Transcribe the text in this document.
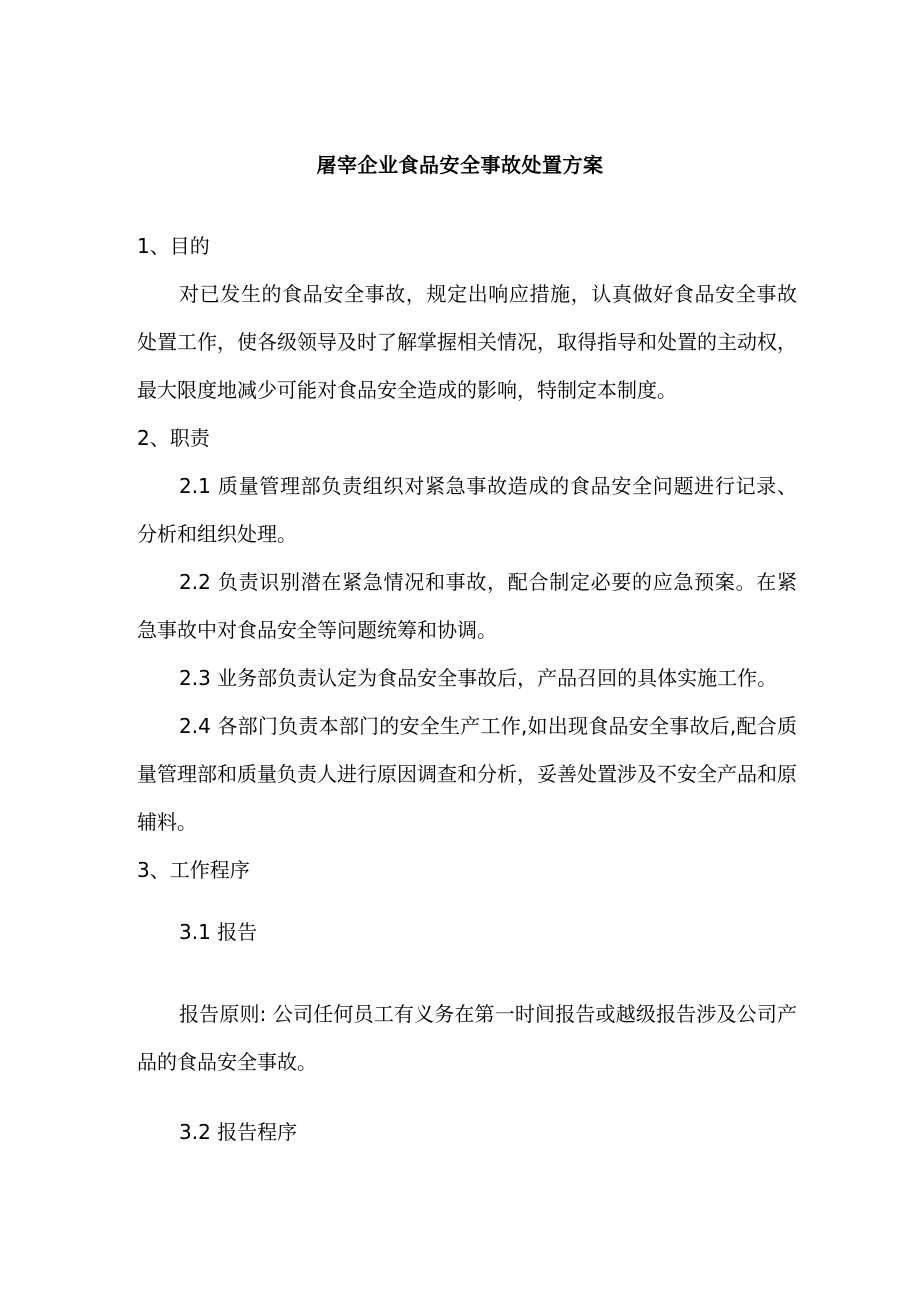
屠宰企业食品安全事故处置方案

1、目的

对已发生的食品安全事故，规定出响应措施，认真做好食品安全事故处置工作，使各级领导及时了解掌握相关情况，取得指导和处置的主动权，最大限度地减少可能对食品安全造成的影响，特制定本制度。

2、职责

2.1 质量管理部负责组织对紧急事故造成的食品安全问题进行记录、分析和组织处理。

2.2 负责识别潜在紧急情况和事故，配合制定必要的应急预案。在紧急事故中对食品安全等问题统筹和协调。

2.3 业务部负责认定为食品安全事故后，产品召回的具体实施工作。

2.4 各部门负责本部门的安全生产工作,如出现食品安全事故后,配合质量管理部和质量负责人进行原因调查和分析，妥善处置涉及不安全产品和原辅料。

3、工作程序

3.1 报告

报告原则: 公司任何员工有义务在第一时间报告或越级报告涉及公司产品的食品安全事故。

3.2 报告程序
